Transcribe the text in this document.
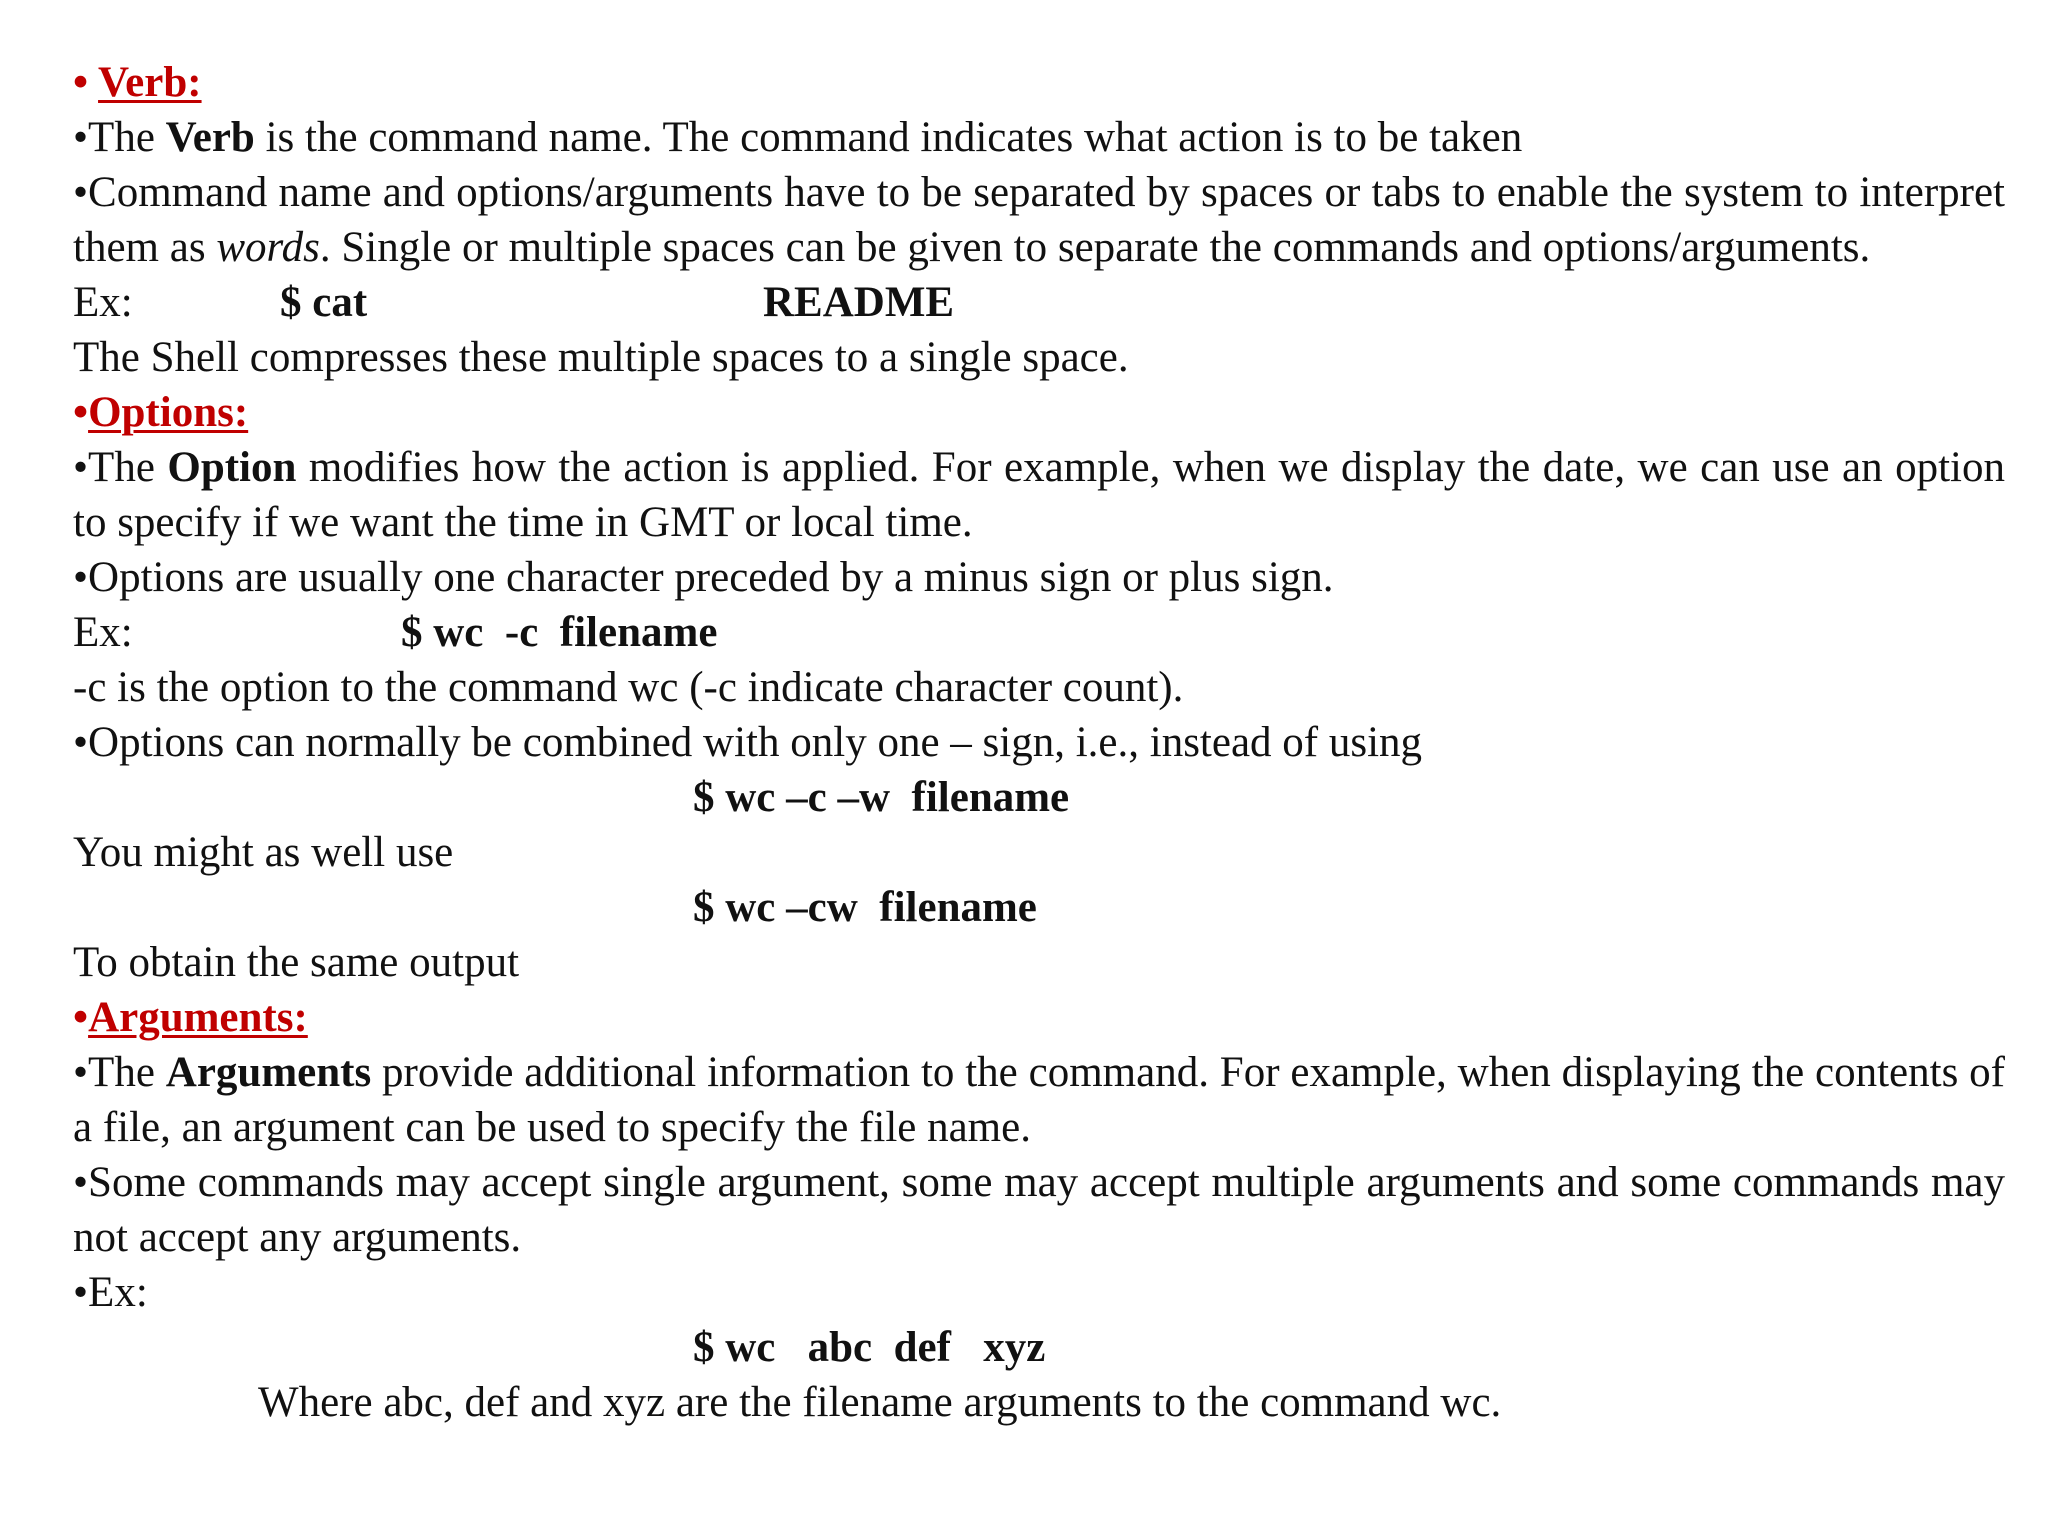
• Verb:
•The Verb is the command name. The command indicates what action is to be taken
•Command name and options/arguments have to be separated by spaces or tabs to enable the system to interpret them as words. Single or multiple spaces can be given to separate the commands and options/arguments.
Ex:	$ cat	README
The Shell compresses these multiple spaces to a single space.
•Options:
•The Option modifies how the action is applied. For example, when we display the date, we can use an option to specify if we want the time in GMT or local time.
•Options are usually one character preceded by a minus sign or plus sign.
Ex:	$ wc  -c  filename
-c is the option to the command wc (-c indicate character count).
•Options can normally be combined with only one – sign, i.e., instead of using
$ wc –c –w  filename
You might as well use
$ wc –cw  filename
To obtain the same output
•Arguments:
•The Arguments provide additional information to the command. For example, when displaying the contents of a file, an argument can be used to specify the file name.
•Some commands may accept single argument, some may accept multiple arguments and some commands may not accept any arguments.
•Ex:
$ wc   abc  def   xyz
Where abc, def and xyz are the filename arguments to the command wc.
